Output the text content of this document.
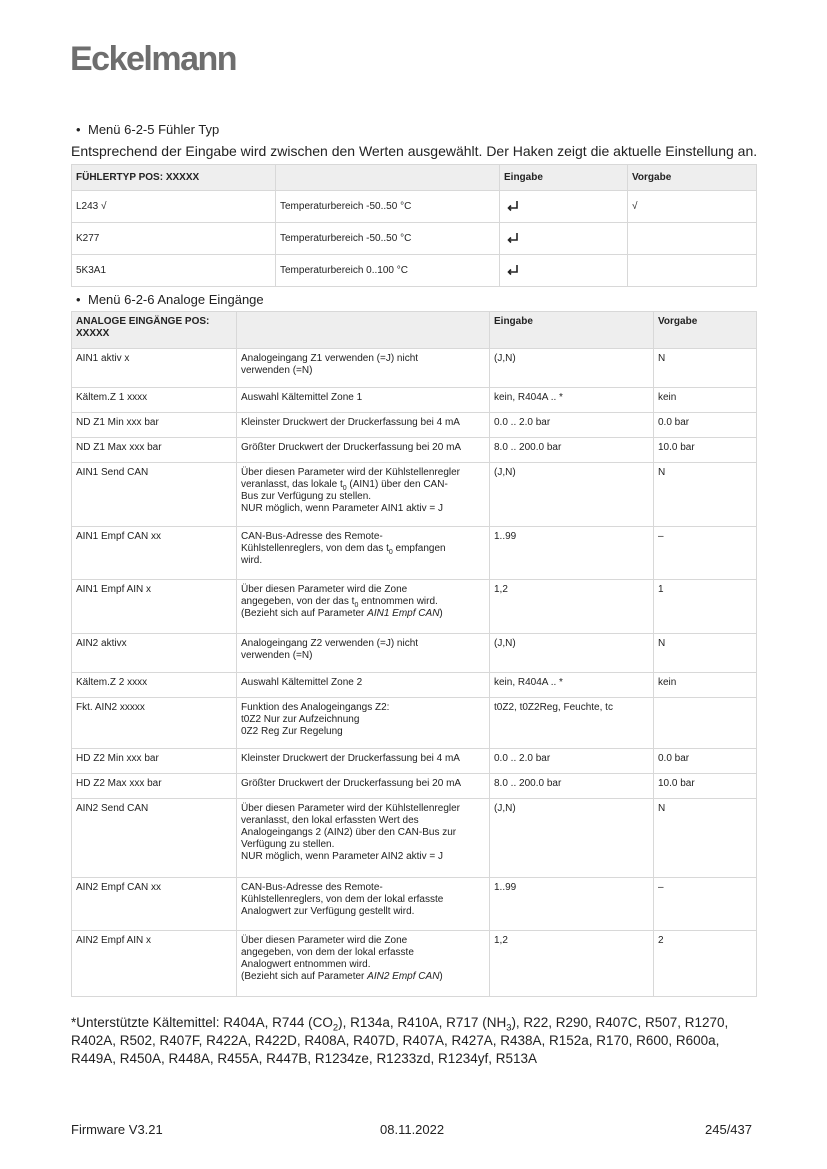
Eckelmann
• Menü 6-2-5 Fühler Typ
Entsprechend der Eingabe wird zwischen den Werten ausgewählt. Der Haken zeigt die aktuelle Einstellung an.
FÜHLERTYP POS: XXXXX		Eingabe	Vorgabe
L243 √	Temperaturbereich -50..50 °C		√
K277	Temperaturbereich -50..50 °C		
5K3A1	Temperaturbereich 0..100 °C		
• Menü 6-2-6 Analoge Eingänge
ANALOGE EINGÄNGE POS: XXXXX		Eingabe	Vorgabe
AIN1 aktiv x	Analogeingang Z1 verwenden (=J) nicht
verwenden (=N)	(J,N)	N
Kältem.Z 1 xxxx	Auswahl Kältemittel Zone 1	kein, R404A .. *	kein
ND Z1 Min xxx bar	Kleinster Druckwert der Druckerfassung bei 4 mA	0.0 .. 2.0 bar	0.0 bar
ND Z1 Max xxx bar	Größter Druckwert der Druckerfassung bei 20 mA	8.0 .. 200.0 bar	10.0 bar
AIN1 Send CAN	Über diesen Parameter wird der Kühlstellenregler
veranlasst, das lokale $t_0$ (AIN1) über den CAN-
Bus zur Verfügung zu stellen.
NUR möglich, wenn Parameter AIN1 aktiv = J	(J,N)	N
AIN1 Empf CAN xx	CAN-Bus-Adresse des Remote-
Kühlstellenreglers, von dem das $t_0$ empfangen
wird.	1..99	–
AIN1 Empf AIN x	Über diesen Parameter wird die Zone
angegeben, von der das $t_0$ entnommen wird.
(Bezieht sich auf Parameter AIN1 Empf CAN)	1,2	1
AIN2 aktivx	Analogeingang Z2 verwenden (=J) nicht
verwenden (=N)	(J,N)	N
Kältem.Z 2 xxxx	Auswahl Kältemittel Zone 2	kein, R404A .. *	kein
Fkt. AIN2 xxxxx	Funktion des Analogeingangs Z2:
t0Z2 Nur zur Aufzeichnung
0Z2 Reg Zur Regelung	t0Z2, t0Z2Reg, Feuchte, tc	
HD Z2 Min xxx bar	Kleinster Druckwert der Druckerfassung bei 4 mA	0.0 .. 2.0 bar	0.0 bar
HD Z2 Max xxx bar	Größter Druckwert der Druckerfassung bei 20 mA	8.0 .. 200.0 bar	10.0 bar
AIN2 Send CAN	Über diesen Parameter wird der Kühlstellenregler
veranlasst, den lokal erfassten Wert des
Analogeingangs 2 (AIN2) über den CAN-Bus zur
Verfügung zu stellen.
NUR möglich, wenn Parameter AIN2 aktiv = J	(J,N)	N
AIN2 Empf CAN xx	CAN-Bus-Adresse des Remote-
Kühlstellenreglers, von dem der lokal erfasste
Analogwert zur Verfügung gestellt wird.	1..99	–
AIN2 Empf AIN x	Über diesen Parameter wird die Zone
angegeben, von dem der lokal erfasste
Analogwert entnommen wird.
(Bezieht sich auf Parameter AIN2 Empf CAN)	1,2	2
*Unterstützte Kältemittel: R404A, R744 $(CO_2)$, R134a, R410A, R717 $(NH_3)$, R22, R290, R407C, R507, R1270, R402A, R502, R407F, R422A, R422D, R408A, R407D, R407A, R427A, R438A, R152a, R170, R600, R600a, R449A, R450A, R448A, R455A, R447B, R1234ze, R1233zd, R1234yf, R513A
Firmware V3.21	08.11.2022	245/437
